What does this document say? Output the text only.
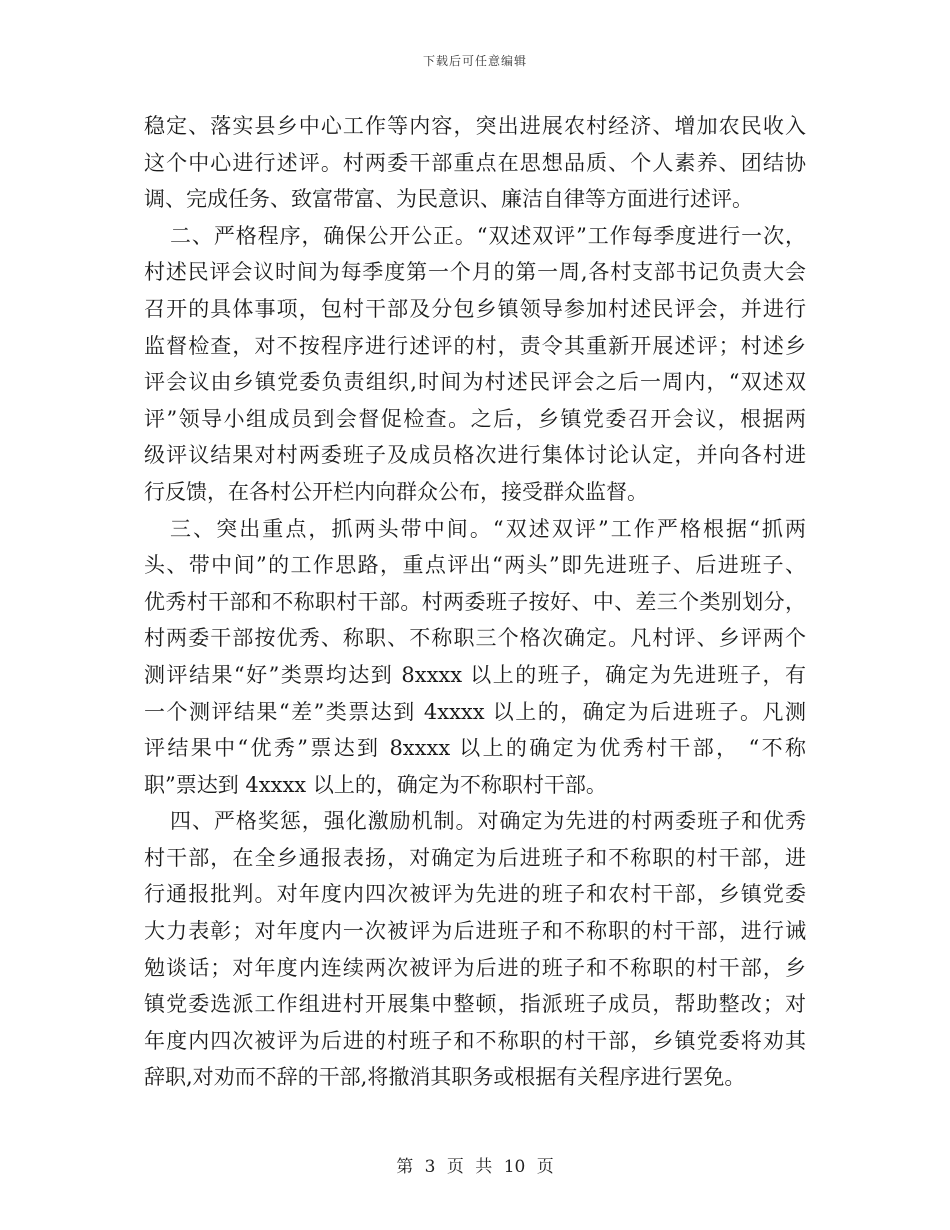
下载后可任意编辑
稳定、落实县乡中心工作等内容，突出进展农村经济、增加农民收入
这个中心进行述评。村两委干部重点在思想品质、个人素养、团结协
调、完成任务、致富带富、为民意识、廉洁自律等方面进行述评。
二、严格程序，确保公开公正。“双述双评”工作每季度进行一次，
村述民评会议时间为每季度第一个月的第一周,各村支部书记负责大会
召开的具体事项，包村干部及分包乡镇领导参加村述民评会，并进行
监督检查，对不按程序进行述评的村，责令其重新开展述评；村述乡
评会议由乡镇党委负责组织,时间为村述民评会之后一周内，“双述双
评”领导小组成员到会督促检查。之后，乡镇党委召开会议，根据两
级评议结果对村两委班子及成员格次进行集体讨论认定，并向各村进
行反馈，在各村公开栏内向群众公布，接受群众监督。
三、突出重点，抓两头带中间。“双述双评”工作严格根据“抓两
头、带中间”的工作思路，重点评出“两头”即先进班子、后进班子、
优秀村干部和不称职村干部。村两委班子按好、中、差三个类别划分，
村两委干部按优秀、称职、不称职三个格次确定。凡村评、乡评两个
测评结果“好”类票均达到 8xxxx 以上的班子，确定为先进班子，有
一个测评结果“差”类票达到 4xxxx 以上的，确定为后进班子。凡测
评结果中“优秀”票达到 8xxxx 以上的确定为优秀村干部， “不称
职”票达到 4xxxx 以上的，确定为不称职村干部。
四、严格奖惩，强化激励机制。对确定为先进的村两委班子和优秀
村干部，在全乡通报表扬，对确定为后进班子和不称职的村干部，进
行通报批判。对年度内四次被评为先进的班子和农村干部，乡镇党委
大力表彰；对年度内一次被评为后进班子和不称职的村干部，进行诫
勉谈话；对年度内连续两次被评为后进的班子和不称职的村干部，乡
镇党委选派工作组进村开展集中整顿，指派班子成员，帮助整改；对
年度内四次被评为后进的村班子和不称职的村干部，乡镇党委将劝其
辞职,对劝而不辞的干部,将撤消其职务或根据有关程序进行罢免。
第 3 页 共 10 页
